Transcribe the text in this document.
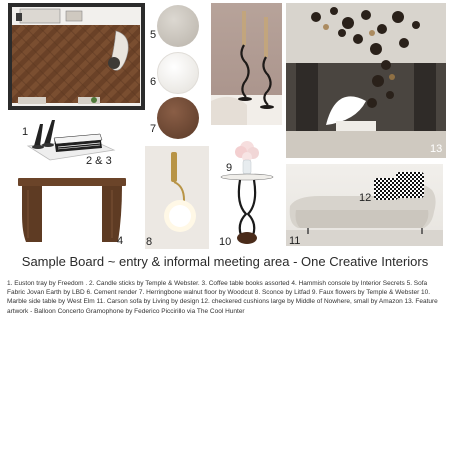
1
2 & 3
4
5
6
7
13
8
9
10
12
11
Sample Board ~ entry & informal meeting area - One Creative Interiors
1. Euston tray by Freedom . 2. Candle sticks by Temple & Webster. 3. Coffee table books assorted 4. Hammish console by Interior Secrets 5. Sofa Fabric Jovan Earth by LBD 6. Cement render 7. Herringbone walnut floor by Woodcut 8. Sconce by Litfad 9. Faux flowers by Temple & Webster 10. Marble side table by West Elm 11. Carson sofa by Living by design 12. checkered cushions large by Middle of Nowhere, small by Amazon 13. Feature artwork - Balloon Concerto Gramophone by Federico Piccirillo via The Cool Hunter
